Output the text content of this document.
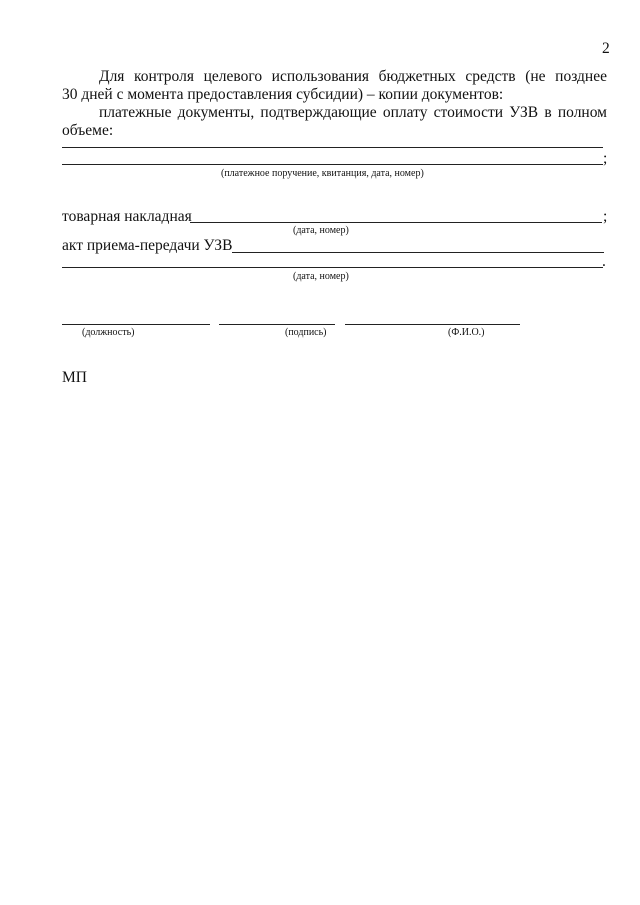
2
Для контроля целевого использования бюджетных средств (не позднее
30 дней с момента предоставления субсидии) – копии документов:
платежные документы, подтверждающие оплату стоимости УЗВ в полном
объеме:
;
(платежное поручение, квитанция, дата, номер)
товарная накладная	;
(дата, номер)
акт приема-передачи УЗВ
.
(дата, номер)
(должность)	(подпись)	(Ф.И.О.)
МП
